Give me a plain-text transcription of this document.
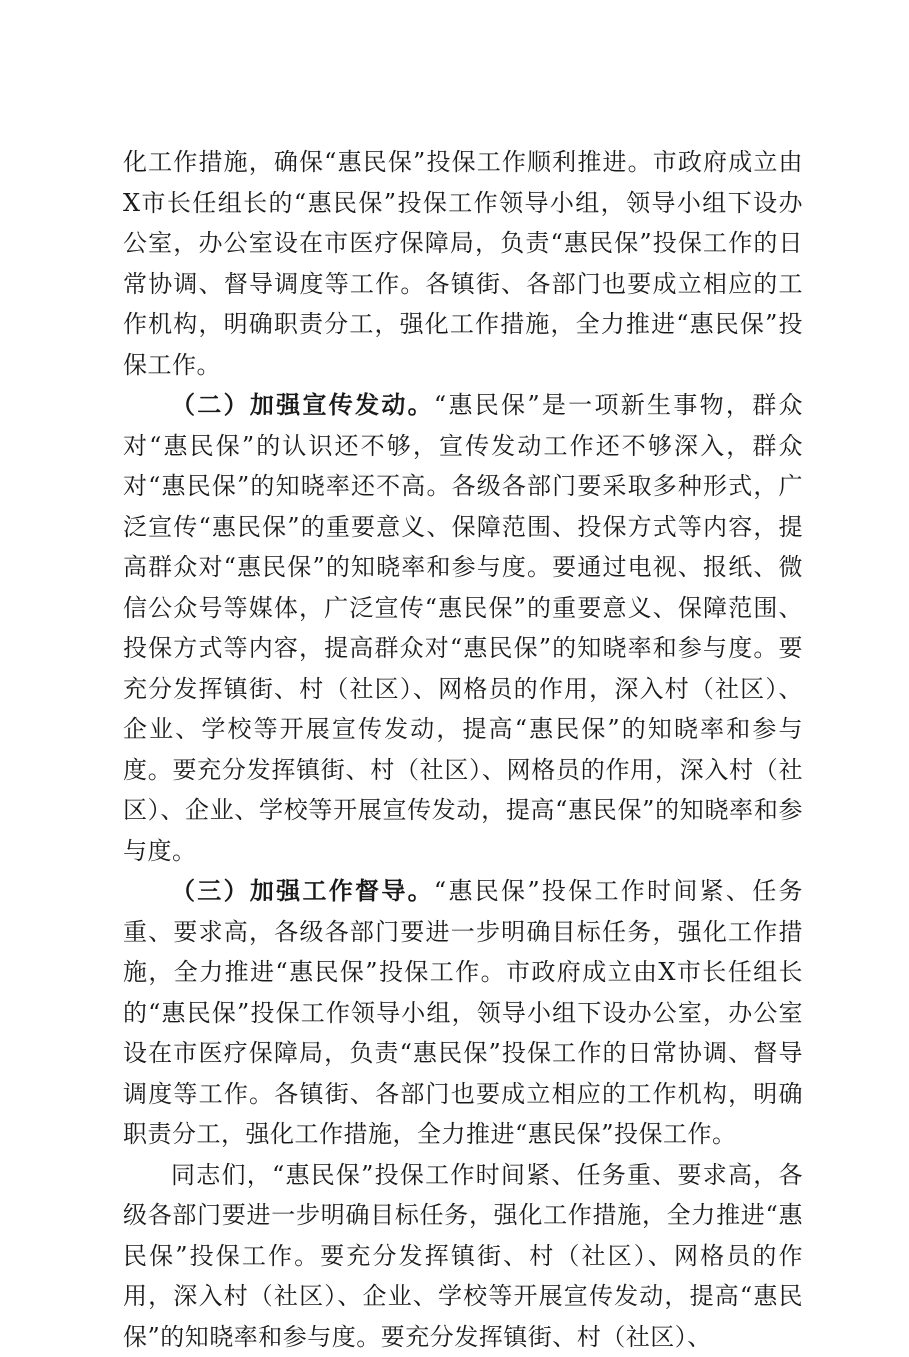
化工作措施，确保“惠民保”投保工作顺利推进。市政府成立由X市长任组长的“惠民保”投保工作领导小组，领导小组下设办公室，办公室设在市医疗保障局，负责“惠民保”投保工作的日常协调、督导调度等工作。各镇街、各部门也要成立相应的工作机构，明确职责分工，强化工作措施，全力推进“惠民保”投保工作。

（二）加强宣传发动。“惠民保”是一项新生事物，群众对“惠民保”的认识还不够，宣传发动工作还不够深入，群众对“惠民保”的知晓率还不高。各级各部门要采取多种形式，广泛宣传“惠民保”的重要意义、保障范围、投保方式等内容，提高群众对“惠民保”的知晓率和参与度。要通过电视、报纸、微信公众号等媒体，广泛宣传“惠民保”的重要意义、保障范围、投保方式等内容，提高群众对“惠民保”的知晓率和参与度。要充分发挥镇街、村（社区）、网格员的作用，深入村（社区）、企业、学校等开展宣传发动，提高“惠民保”的知晓率和参与度。要充分发挥镇街、村（社区）、网格员的作用，深入村（社区）、企业、学校等开展宣传发动，提高“惠民保”的知晓率和参与度。

（三）加强工作督导。“惠民保”投保工作时间紧、任务重、要求高，各级各部门要进一步明确目标任务，强化工作措施，全力推进“惠民保”投保工作。市政府成立由X市长任组长的“惠民保”投保工作领导小组，领导小组下设办公室，办公室设在市医疗保障局，负责“惠民保”投保工作的日常协调、督导调度等工作。各镇街、各部门也要成立相应的工作机构，明确职责分工，强化工作措施，全力推进“惠民保”投保工作。

同志们，“惠民保”投保工作时间紧、任务重、要求高，各级各部门要进一步明确目标任务，强化工作措施，全力推进“惠民保”投保工作。要充分发挥镇街、村（社区）、网格员的作用，深入村（社区）、企业、学校等开展宣传发动，提高“惠民保”的知晓率和参与度。要充分发挥镇街、村（社区）、
